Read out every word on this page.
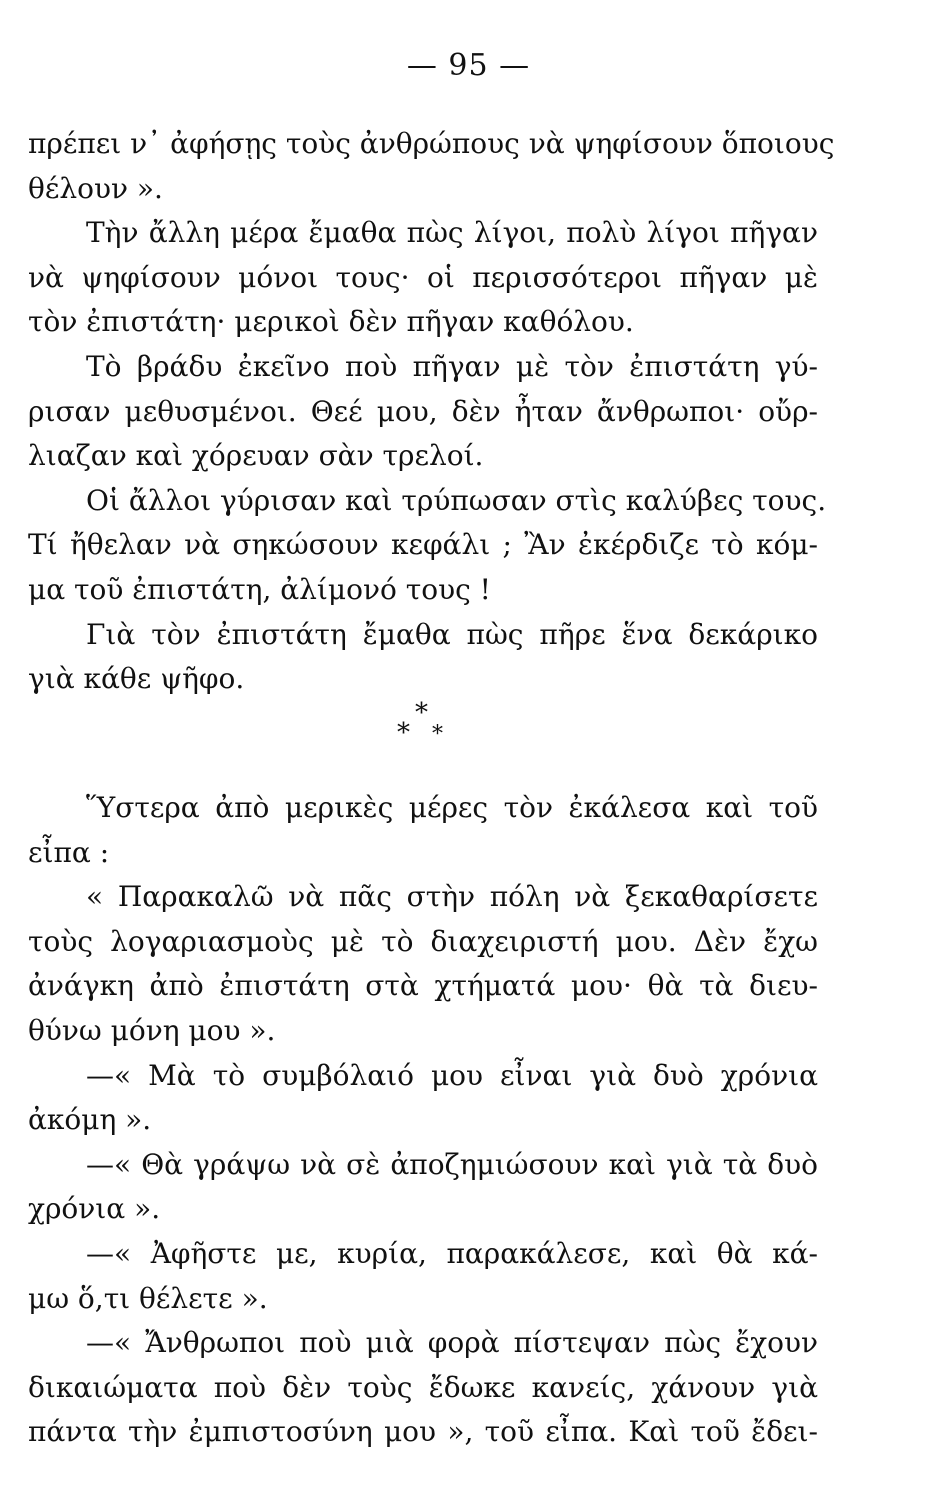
— 95 —
πρέπει ν᾽ ἀφήσῃς τοὺς ἀνθρώπους νὰ ψηφίσουν ὅποιους
θέλουν ».
Τὴν ἄλλη μέρα ἔμαθα πὼς λίγοι, πολὺ λίγοι πῆγαν
νὰ ψηφίσουν μόνοι τους· οἱ περισσότεροι πῆγαν μὲ
τὸν ἐπιστάτη· μερικοὶ δὲν πῆγαν καθόλου.
Τὸ βράδυ ἐκεῖνο ποὺ πῆγαν μὲ τὸν ἐπιστάτη γύ-
ρισαν μεθυσμένοι. Θεέ μου, δὲν ἦταν ἄνθρωποι· οὔρ-
λιαζαν καὶ χόρευαν σὰν τρελοί.
Οἱ ἄλλοι γύρισαν καὶ τρύπωσαν στὶς καλύβες τους.
Τί ἤθελαν νὰ σηκώσουν κεφάλι ; Ἂν ἐκέρδιζε τὸ κόμ-
μα τοῦ ἐπιστάτη, ἀλίμονό τους !
Γιὰ τὸν ἐπιστάτη ἔμαθα πὼς πῆρε ἕνα δεκάρικο
γιὰ κάθε ψῆφο.
*
* *
Ὕστερα ἀπὸ μερικὲς μέρες τὸν ἐκάλεσα καὶ τοῦ
εἶπα :
« Παρακαλῶ νὰ πᾶς στὴν πόλη νὰ ξεκαθαρίσετε
τοὺς λογαριασμοὺς μὲ τὸ διαχειριστή μου. Δὲν ἔχω
ἀνάγκη ἀπὸ ἐπιστάτη στὰ χτήματά μου· θὰ τὰ διευ-
θύνω μόνη μου ».
—« Μὰ τὸ συμβόλαιό μου εἶναι γιὰ δυὸ χρόνια
ἀκόμη ».
—« Θὰ γράψω νὰ σὲ ἀποζημιώσουν καὶ γιὰ τὰ δυὸ
χρόνια ».
—« Ἀφῆστε με, κυρία, παρακάλεσε, καὶ θὰ κά-
μω ὅ,τι θέλετε ».
—« Ἄνθρωποι ποὺ μιὰ φορὰ πίστεψαν πὼς ἔχουν
δικαιώματα ποὺ δὲν τοὺς ἔδωκε κανείς, χάνουν γιὰ
πάντα τὴν ἐμπιστοσύνη μου », τοῦ εἶπα. Καὶ τοῦ ἔδει-
